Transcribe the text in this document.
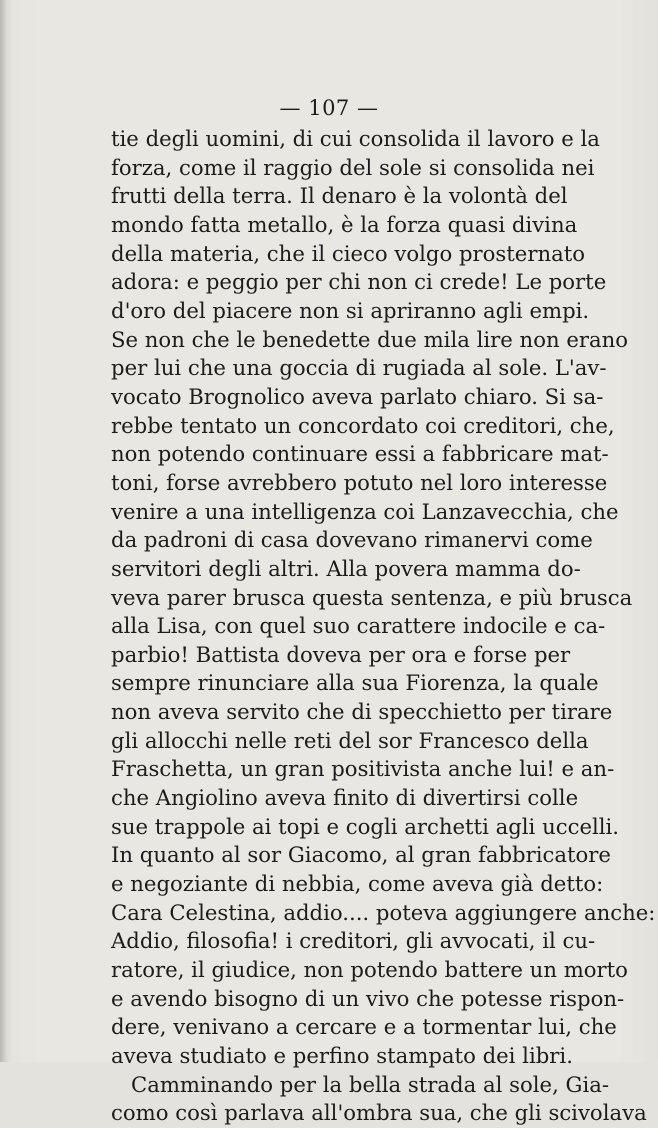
— 107 —
tie degli uomini, di cui consolida il lavoro e la
forza, come il raggio del sole si consolida nei
frutti della terra. Il denaro è la volontà del
mondo fatta metallo, è la forza quasi divina
della materia, che il cieco volgo prosternato
adora: e peggio per chi non ci crede! Le porte
d'oro del piacere non si apriranno agli empi.
Se non che le benedette due mila lire non erano
per lui che una goccia di rugiada al sole. L'av-
vocato Brognolico aveva parlato chiaro. Si sa-
rebbe tentato un concordato coi creditori, che,
non potendo continuare essi a fabbricare mat-
toni, forse avrebbero potuto nel loro interesse
venire a una intelligenza coi Lanzavecchia, che
da padroni di casa dovevano rimanervi come
servitori degli altri. Alla povera mamma do-
veva parer brusca questa sentenza, e più brusca
alla Lisa, con quel suo carattere indocile e ca-
parbio! Battista doveva per ora e forse per
sempre rinunciare alla sua Fiorenza, la quale
non aveva servito che di specchietto per tirare
gli allocchi nelle reti del sor Francesco della
Fraschetta, un gran positivista anche lui! e an-
che Angiolino aveva finito di divertirsi colle
sue trappole ai topi e cogli archetti agli uccelli.
In quanto al sor Giacomo, al gran fabbricatore
e negoziante di nebbia, come aveva già detto:
Cara Celestina, addio.... poteva aggiungere anche:
Addio, filosofia! i creditori, gli avvocati, il cu-
ratore, il giudice, non potendo battere un morto
e avendo bisogno di un vivo che potesse rispon-
dere, venivano a cercare e a tormentar lui, che
aveva studiato e perfino stampato dei libri.
Camminando per la bella strada al sole, Gia-
como così parlava all'ombra sua, che gli scivolava
